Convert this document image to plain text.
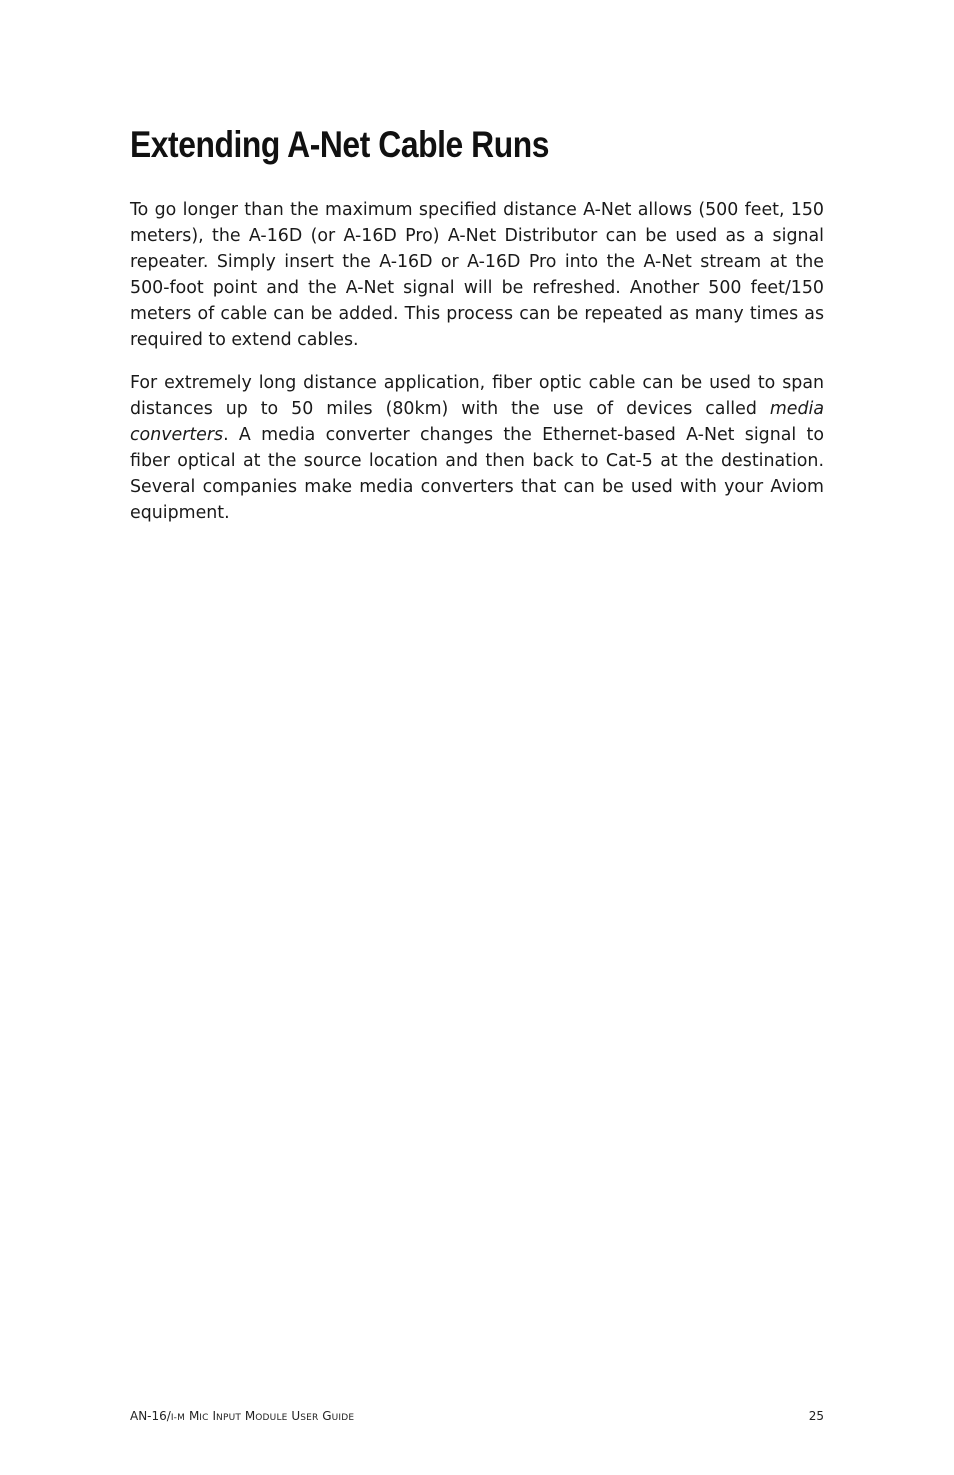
Extending A-Net Cable Runs

To go longer than the maximum specified distance A-Net allows (500 feet, 150 meters), the A-16D (or A-16D Pro) A-Net Distributor can be used as a signal repeater. Simply insert the A-16D or A-16D Pro into the A-Net stream at the 500-foot point and the A-Net signal will be refreshed. Another 500 feet/150 meters of cable can be added. This process can be repeated as many times as required to extend cables.

For extremely long distance application, fiber optic cable can be used to span distances up to 50 miles (80km) with the use of devices called media converters. A media converter changes the Ethernet-based A-Net signal to fiber optical at the source location and then back to Cat-5 at the destination. Several companies make media converters that can be used with your Aviom equipment.

AN-16/I-M MIC INPUT MODULE USER GUIDE	25
